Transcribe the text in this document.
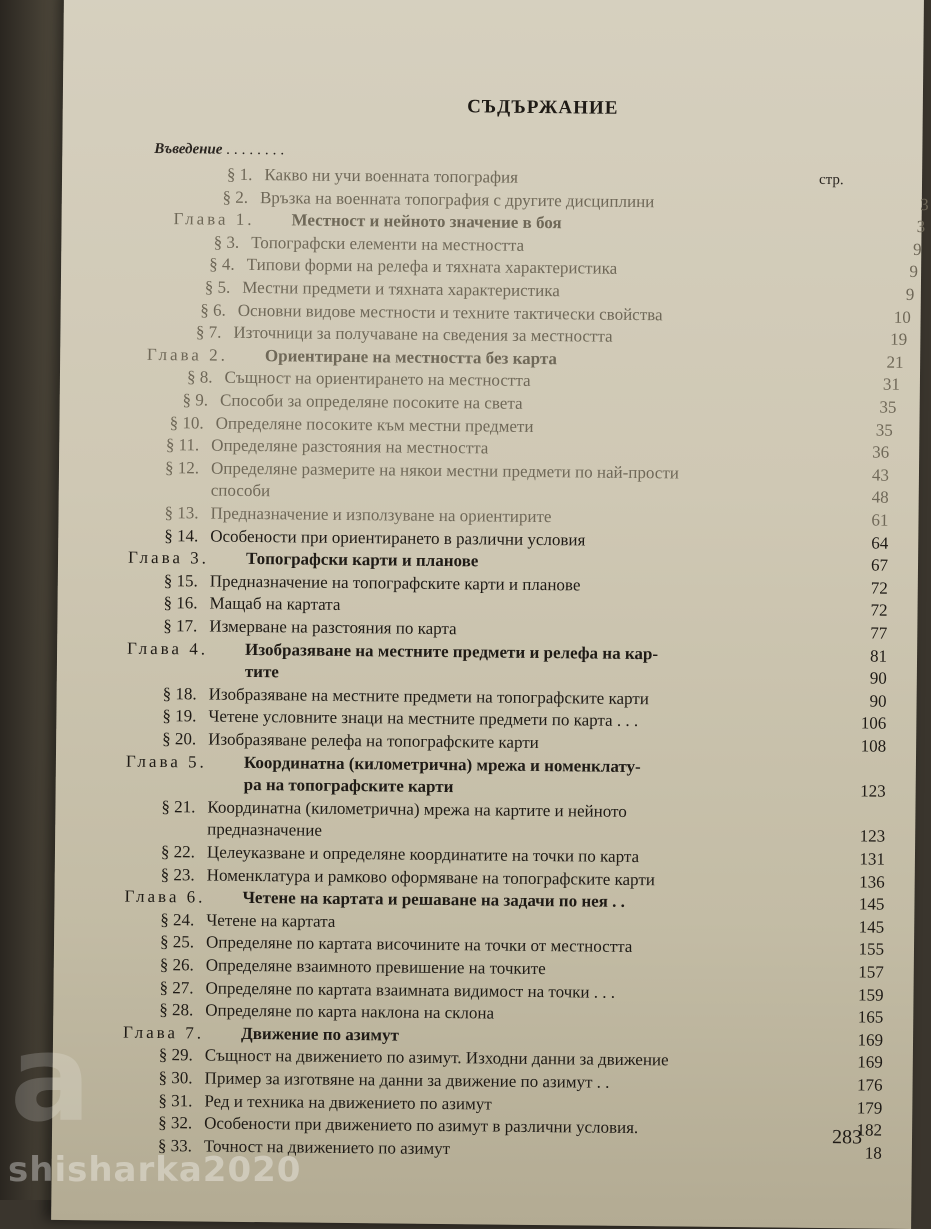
СЪДЪРЖАНИЕ
Въведение ........
стр.
§ 1. Какво ни учи военната топография
§ 2. Връзка на военната топография с другите дисциплини	3
Глава 1. Местност и нейното значение в боя	3
§ 3. Топографски елементи на местността	9
§ 4. Типови форми на релефа и тяхната характеристика	9
§ 5. Местни предмети и тяхната характеристика	9
§ 6. Основни видове местности и техните тактически свойства	10
§ 7. Източници за получаване на сведения за местността	19
Глава 2. Ориентиране на местността без карта	21
§ 8. Същност на ориентирането на местността	31
§ 9. Способи за определяне посоките на света	35
§ 10. Определяне посоките към местни предмети	35
§ 11. Определяне разстояния на местността	36
§ 12. Определяне размерите на някои местни предмети по най-прости	43
способи	48
§ 13. Предназначение и използуване на ориентирите	61
§ 14. Особености при ориентирането в различни условия	64
Глава 3. Топографски карти и планове	67
§ 15. Предназначение на топографските карти и планове	72
§ 16. Мащаб на картата	72
§ 17. Измерване на разстояния по карта	77
Глава 4. Изобразяване на местните предмети и релефа на кар-	81
тите	90
§ 18. Изобразяване на местните предмети на топографските карти	90
§ 19. Четене условните знаци на местните предмети по карта . . .	106
§ 20. Изобразяване релефа на топографските карти	108
Глава 5. Координатна (километрична) мрежа и номенклату-
ра на топографските карти	123
§ 21. Координатна (километрична) мрежа на картите и нейното
предназначение	123
§ 22. Целеуказване и определяне координатите на точки по карта	131
§ 23. Номенклатура и рамково оформяване на топографските карти	136
Глава 6. Четене на картата и решаване на задачи по нея . .	145
§ 24. Четене на картата	145
§ 25. Определяне по картата височините на точки от местността	155
§ 26. Определяне взаимното превишение на точките	157
§ 27. Определяне по картата взаимната видимост на точки . . .	159
§ 28. Определяне по карта наклона на склона	165
Глава 7. Движение по азимут	169
§ 29. Същност на движението по азимут. Изходни данни за движение	169
§ 30. Пример за изготвяне на данни за движение по азимут . .	176
§ 31. Ред и техника на движението по азимут	179
§ 32. Особености при движението по азимут в различни условия.	182
§ 33. Точност на движението по азимут	18
283
a
shisharka2020
